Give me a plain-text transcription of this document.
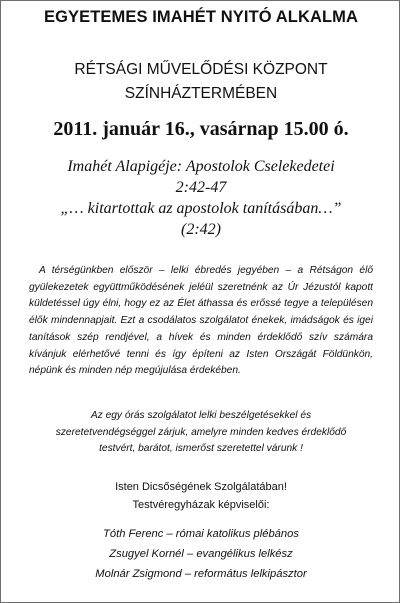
EGYETEMES IMAHÉT NYITÓ ALKALMA
RÉTSÁGI MŰVELŐDÉSI KÖZPONT
SZÍNHÁZTERMÉBEN
2011. január 16., vasárnap 15.00 ó.
Imahét Alapigéje: Apostolok Cselekedetei
2:42-47
„… kitartottak az apostolok tanításában…”
(2:42)

A térségünkben először – lelki ébredés jegyében – a Rétságon élő gyülekezetek együttműködésének jeléül szeretnénk az Úr Jézustól kapott küldetéssel úgy élni, hogy ez az Élet áthassa és erőssé tegye a településen élők mindennapjait. Ezt a csodálatos szolgálatot énekek, imádságok és igei tanítások szép rendjével, a hívek és minden érdeklődő szív számára kívánjuk elérhetővé tenni és így építeni az Isten Országát Földünkön, népünk és minden nép megújulása érdekében.

Az egy órás szolgálatot lelki beszélgetésekkel és szeretetvendégséggel zárjuk, amelyre minden kedves érdeklődő testvért, barátot, ismerőst szeretettel várunk !

Isten Dicsőségének Szolgálatában!
Testvéregyházak képviselői:
Tóth Ferenc – római katolikus plébános
Zsugyel Kornél – evangélikus lelkész
Molnár Zsigmond – református lelkipásztor
